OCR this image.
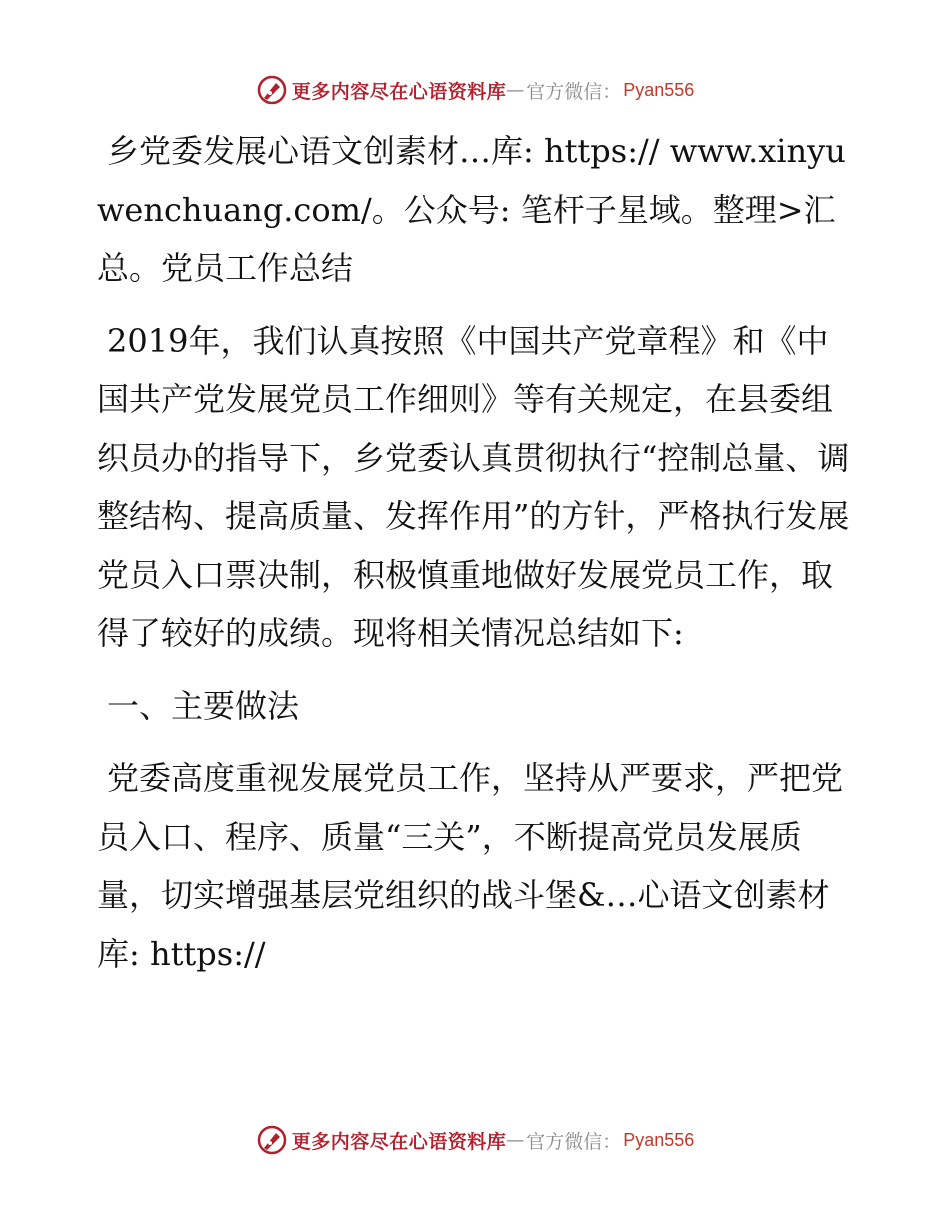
更多内容尽在心语资料库 — 官方微信： Pyan556

乡党委发展心语文创素材…库: https:// www.xinyuwenchuang.com/。公众号: 笔杆子星域。整理>汇总。党员工作总结

2019年，我们认真按照《中国共产党章程》和《中国共产党发展党员工作细则》等有关规定，在县委组织员办的指导下，乡党委认真贯彻执行“控制总量、调整结构、提高质量、发挥作用”的方针，严格执行发展党员入口票决制，积极慎重地做好发展党员工作，取得了较好的成绩。现将相关情况总结如下:

一、主要做法

党委高度重视发展党员工作，坚持从严要求，严把党员入口、程序、质量“三关”，不断提高党员发展质量，切实增强基层党组织的战斗堡&…心语文创素材库: https://

更多内容尽在心语资料库 — 官方微信： Pyan556
